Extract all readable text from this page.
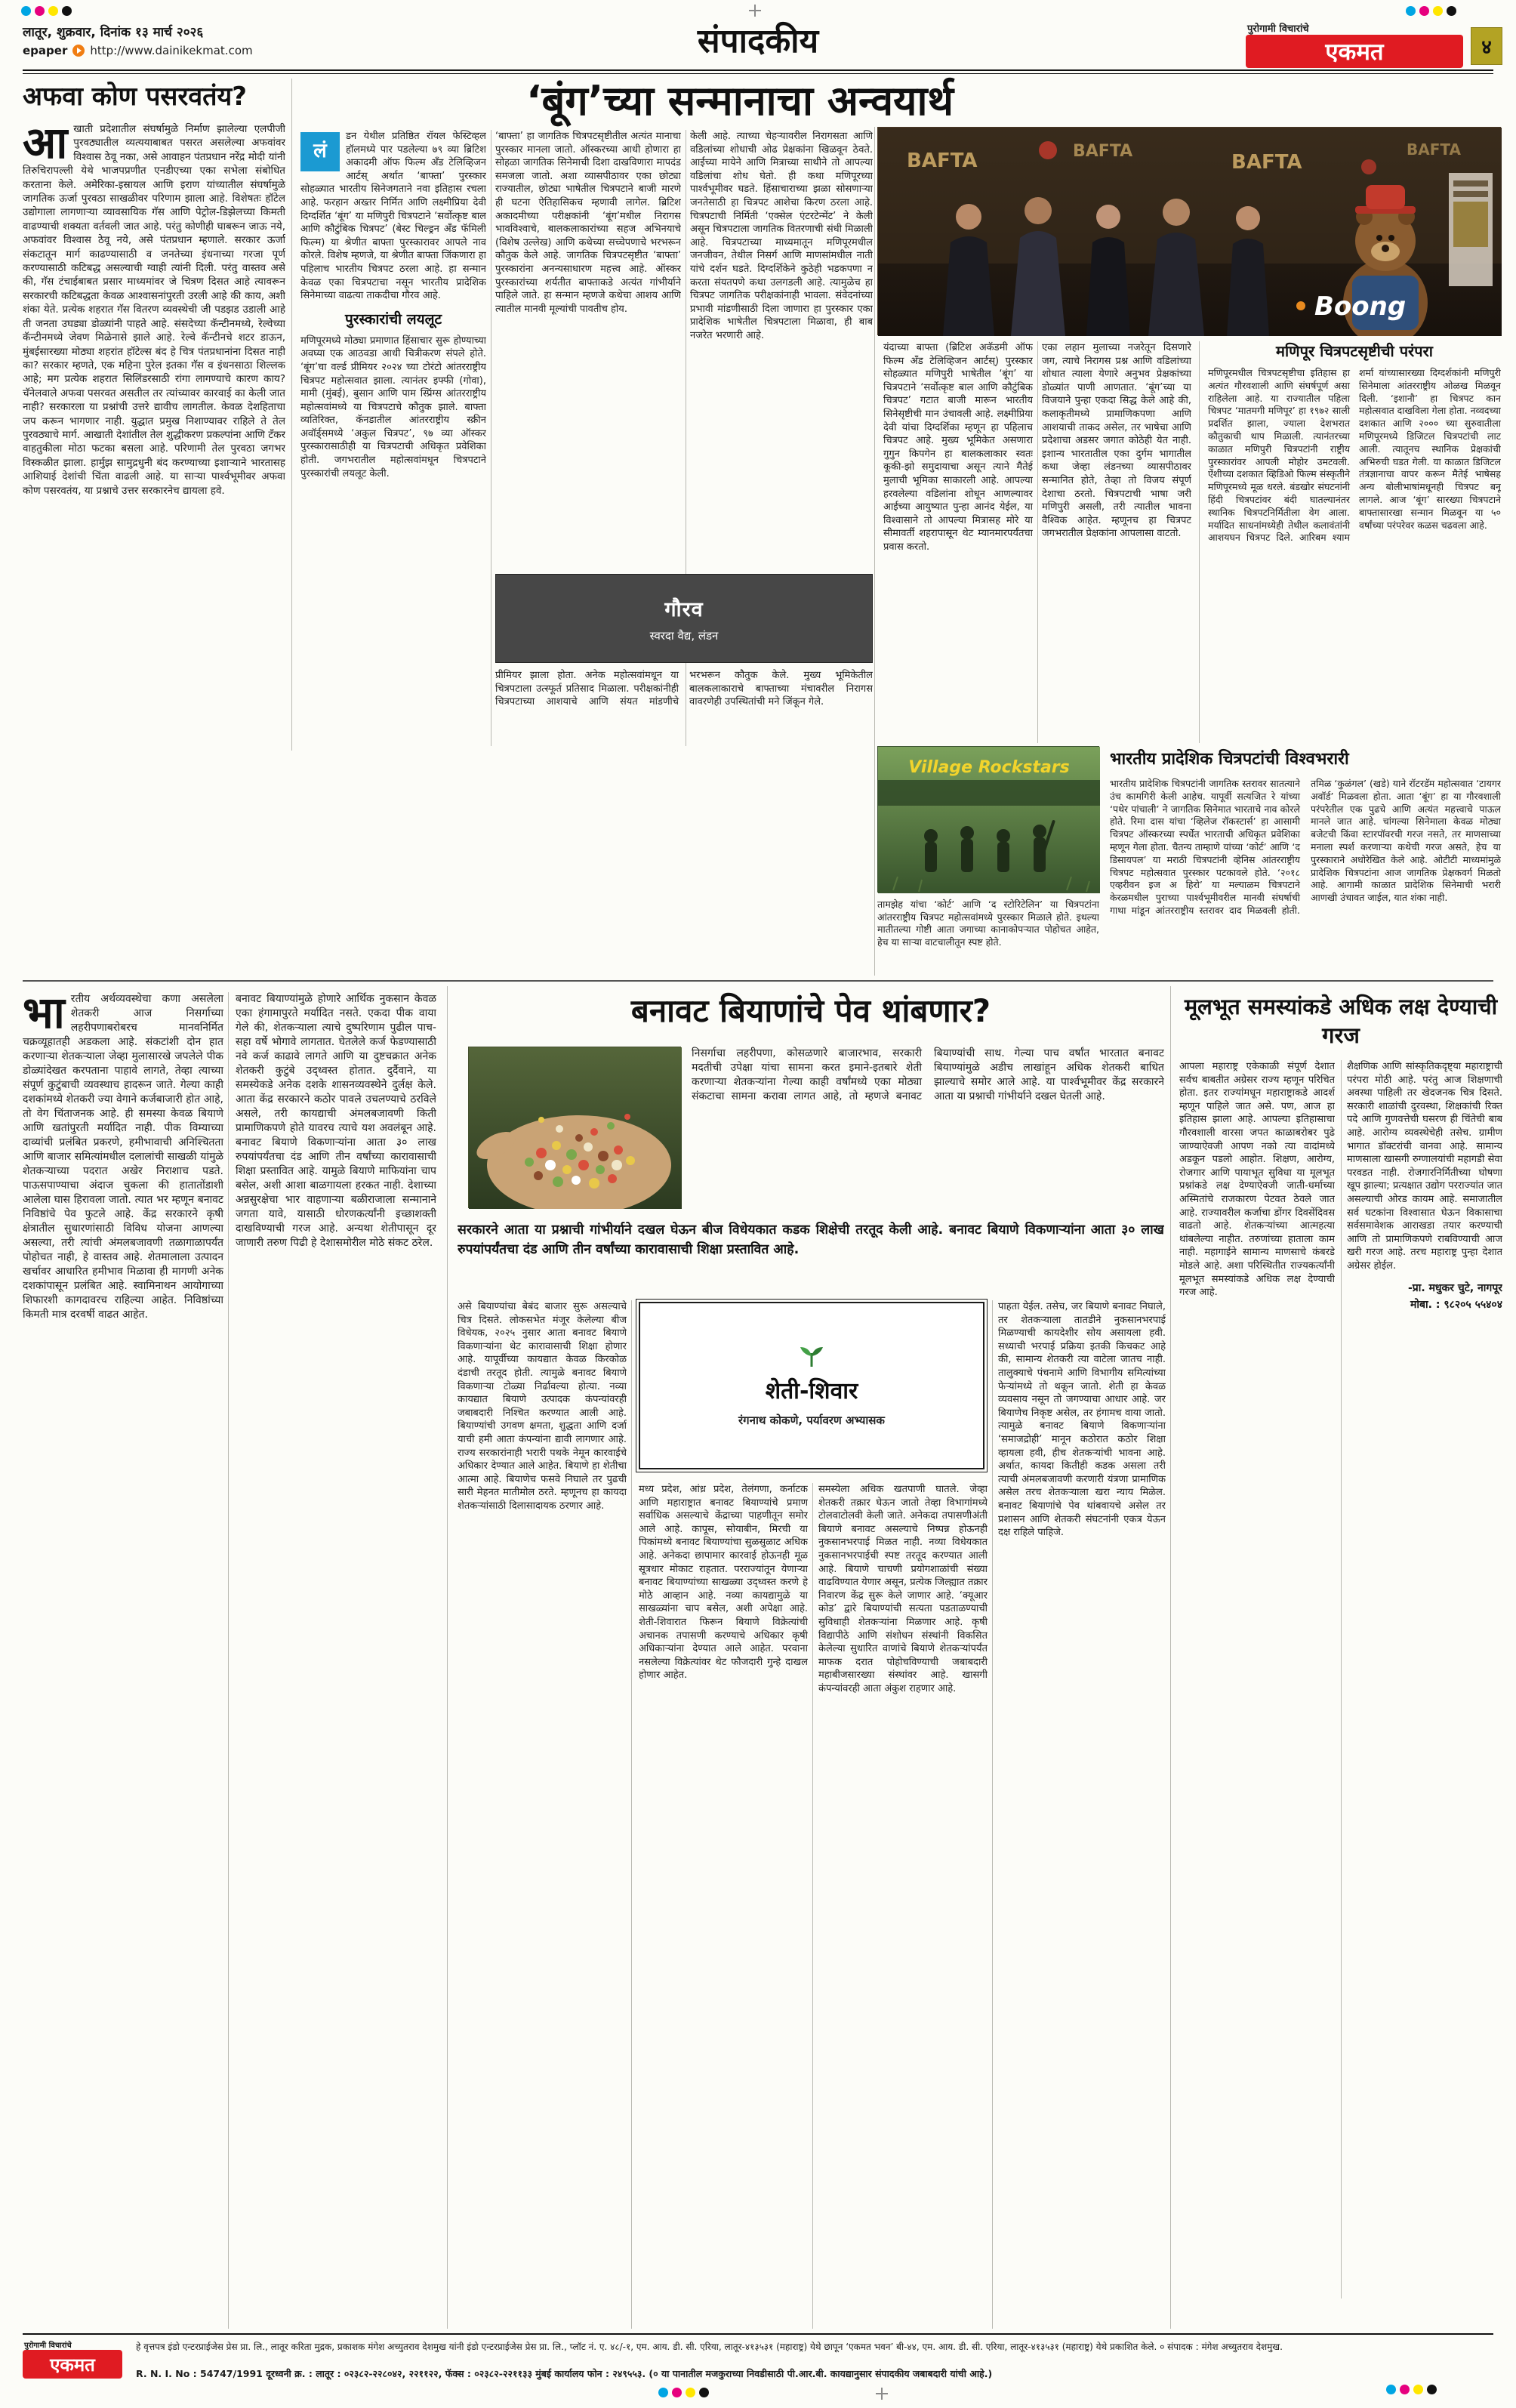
लातूर, शुक्रवार, दिनांक १३ मार्च २०२६
epaper http://www.dainikekmat.com	संपादकीय	पुरोगामी विचारांचे
एकमत	४
अफवा कोण पसरवतंय?
आखाती प्रदेशातील संघर्षामुळे निर्माण झालेल्या एलपीजी पुरवठ्यातील व्यत्ययाबाबत पसरत असलेल्या अफवांवर विश्वास ठेवू नका, असे आवाहन पंतप्रधान नरेंद्र मोदी यांनी तिरुचिरापल्ली येथे भाजपप्रणीत एनडीएच्या एका सभेला संबोधित करताना केले. अमेरिका-इस्रायल आणि इराण यांच्यातील संघर्षामुळे जागतिक ऊर्जा पुरवठा साखळीवर परिणाम झाला आहे. विशेषतः हॉटेल उद्योगाला लागणाऱ्या व्यावसायिक गॅस आणि पेट्रोल-डिझेलच्या किमती वाढण्याची शक्यता वर्तवली जात आहे. परंतु कोणीही घाबरून जाऊ नये, अफवांवर विश्वास ठेवू नये, असे पंतप्रधान म्हणाले. सरकार ऊर्जा संकटातून मार्ग काढण्यासाठी व जनतेच्या इंधनाच्या गरजा पूर्ण करण्यासाठी कटिबद्ध असल्याची ग्वाही त्यांनी दिली. परंतु वास्तव असे की, गॅस टंचाईबाबत प्रसार माध्यमांवर जे चित्रण दिसत आहे त्यावरून सरकारची कटिबद्धता केवळ आश्वासनांपुरती उरली आहे की काय, अशी शंका येते. प्रत्येक शहरात गॅस वितरण व्यवस्थेची जी पडझड उडाली आहे ती जनता उघड्या डोळ्यांनी पाहते आहे. संसदेच्या कॅन्टीनमध्ये, रेल्वेच्या कॅन्टीनमध्ये जेवण मिळेनासे झाले आहे. रेल्वे कॅन्टीनचे शटर डाऊन, मुंबईसारख्या मोठ्या शहरांत हॉटेल्स बंद हे चित्र पंतप्रधानांना दिसत नाही का? सरकार म्हणते, एक महिना पुरेल इतका गॅस व इंधनसाठा शिल्लक आहे; मग प्रत्येक शहरात सिलिंडरसाठी रांगा लागण्याचे कारण काय? चॅनेलवाले अफवा पसरवत असतील तर त्यांच्यावर कारवाई का केली जात नाही? सरकारला या प्रश्नांची उत्तरे द्यावीच लागतील. केवळ देशहिताचा जप करून भागणार नाही. युद्धात प्रमुख निशाण्यावर राहिले ते तेल पुरवठ्याचे मार्ग. आखाती देशांतील तेल शुद्धीकरण प्रकल्पांना आणि टँकर वाहतुकीला मोठा फटका बसला आहे. परिणामी तेल पुरवठा जगभर विस्कळीत झाला. हार्मुझ सामुद्रधुनी बंद करण्याच्या इशाऱ्याने भारतासह आशियाई देशांची चिंता वाढली आहे. या साऱ्या पार्श्वभूमीवर अफवा कोण पसरवतंय, या प्रश्नाचे उत्तर सरकारनेच द्यायला हवे.
‘बूंग’च्या सन्मानाचा अन्वयार्थ
BAFTA	BAFTA	BAFTA
BAFTA
Boong
लं
डन येथील प्रतिष्ठित रॉयल फेस्टिव्हल हॉलमध्ये पार पडलेल्या ७९ व्या ब्रिटिश अकादमी ऑफ फिल्म अँड टेलिव्हिजन आर्टस् अर्थात ‘बाफ्ता’ पुरस्कार सोहळ्यात भारतीय सिनेजगताने नवा इतिहास रचला आहे. फरहान अख्तर निर्मित आणि लक्ष्मीप्रिया देवी दिग्दर्शित ‘बूंग’ या मणिपुरी चित्रपटाने ‘सर्वोत्कृष्ट बाल आणि कौटुंबिक चित्रपट’ (बेस्ट चिल्ड्रन अँड फॅमिली फिल्म) या श्रेणीत बाफ्ता पुरस्कारावर आपले नाव कोरले. विशेष म्हणजे, या श्रेणीत बाफ्ता जिंकणारा हा पहिलाच भारतीय चित्रपट ठरला आहे. हा सन्मान केवळ एका चित्रपटाचा नसून भारतीय प्रादेशिक सिनेमाच्या वाढत्या ताकदीचा गौरव आहे.
पुरस्कारांची लयलूट
मणिपूरमध्ये मोठ्या प्रमाणात हिंसाचार सुरू होण्याच्या अवघ्या एक आठवडा आधी चित्रीकरण संपले होते. ‘बूंग’चा वर्ल्ड प्रीमियर २०२४ च्या टोरंटो आंतरराष्ट्रीय चित्रपट महोत्सवात झाला. त्यानंतर इफ्फी (गोवा), मामी (मुंबई), बुसान आणि पाम स्प्रिंग्स आंतरराष्ट्रीय महोत्सवांमध्ये या चित्रपटाचे कौतुक झाले. बाफ्ता व्यतिरिक्त, कॅनडातील आंतरराष्ट्रीय स्क्रीन अवॉर्ड्समध्ये ‘अकुल चित्रपट’, ९७ व्या ऑस्कर पुरस्कारासाठीही या चित्रपटाची अधिकृत प्रवेशिका होती. जगभरातील महोत्सवांमधून चित्रपटाने पुरस्कारांची लयलूट केली.
‘बाफ्ता’ हा जागतिक चित्रपटसृष्टीतील अत्यंत मानाचा पुरस्कार मानला जातो. ऑस्करच्या आधी होणारा हा सोहळा जागतिक सिनेमाची दिशा दाखविणारा मापदंड समजला जातो. अशा व्यासपीठावर एका छोट्या राज्यातील, छोट्या भाषेतील चित्रपटाने बाजी मारणे ही घटना ऐतिहासिकच म्हणावी लागेल. ब्रिटिश अकादमीच्या परीक्षकांनी ‘बूंग’मधील निरागस भावविश्वाचे, बालकलाकारांच्या सहज अभिनयाचे (विशेष उल्लेख) आणि कथेच्या सच्चेपणाचे भरभरून कौतुक केले आहे. जागतिक चित्रपटसृष्टीत ‘बाफ्ता’ पुरस्कारांना अनन्यसाधारण महत्त्व आहे. ऑस्कर पुरस्कारांच्या शर्यतीत बाफ्ताकडे अत्यंत गांभीर्याने पाहिले जाते. हा सन्मान म्हणजे कथेचा आशय आणि त्यातील मानवी मूल्यांची पावतीच होय.
केली आहे. त्याच्या चेहऱ्यावरील निरागसता आणि वडिलांच्या शोधाची ओढ प्रेक्षकांना खिळवून ठेवते. आईच्या मायेने आणि मित्राच्या साथीने तो आपल्या वडिलांचा शोध घेतो. ही कथा मणिपूरच्या पार्श्वभूमीवर घडते. हिंसाचाराच्या झळा सोसणाऱ्या जनतेसाठी हा चित्रपट आशेचा किरण ठरला आहे. चित्रपटाची निर्मिती ‘एक्सेल एंटरटेन्मेंट’ ने केली असून चित्रपटाला जागतिक वितरणाची संधी मिळाली आहे. चित्रपटाच्या माध्यमातून मणिपूरमधील जनजीवन, तेथील निसर्ग आणि माणसांमधील नाती यांचे दर्शन घडते. दिग्दर्शिकेने कुठेही भडकपणा न करता संयतपणे कथा उलगडली आहे. त्यामुळेच हा चित्रपट जागतिक परीक्षकांनाही भावला. संवेदनांच्या प्रभावी मांडणीसाठी दिला जाणारा हा पुरस्कार एका प्रादेशिक भाषेतील चित्रपटाला मिळावा, ही बाब नजरेत भरणारी आहे.
गौरव
स्वरदा वैद्य, लंडन
प्रीमियर झाला होता. अनेक महोत्सवांमधून या चित्रपटाला उत्स्फूर्त प्रतिसाद मिळाला. परीक्षकांनीही चित्रपटाच्या आशयाचे आणि संयत मांडणीचे भरभरून कौतुक केले. मुख्य भूमिकेतील बालकलाकाराचे बाफ्ताच्या मंचावरील निरागस वावरणेही उपस्थितांची मने जिंकून गेले.
यंदाच्या बाफ्ता (ब्रिटिश अकॅडमी ऑफ फिल्म अँड टेलिव्हिजन आर्टस्) पुरस्कार सोहळ्यात मणिपुरी भाषेतील ‘बूंग’ या चित्रपटाने ‘सर्वोत्कृष्ट बाल आणि कौटुंबिक चित्रपट’ गटात बाजी मारून भारतीय सिनेसृष्टीची मान उंचावली आहे. लक्ष्मीप्रिया देवी यांचा दिग्दर्शिका म्हणून हा पहिलाच चित्रपट आहे. मुख्य भूमिकेत असणारा गुगुन किपगेन हा बालकलाकार स्वतः कूकी-झो समुदायाचा असून त्याने मैतेई मुलाची भूमिका साकारली आहे. आपल्या हरवलेल्या वडिलांना शोधून आणल्यावर आईच्या आयुष्यात पुन्हा आनंद येईल, या विश्वासाने तो आपल्या मित्रासह मोरे या सीमावर्ती शहरापासून थेट म्यानमारपर्यंतचा प्रवास करतो.
एका लहान मुलाच्या नजरेतून दिसणारे जग, त्याचे निरागस प्रश्न आणि वडिलांच्या शोधात त्याला येणारे अनुभव प्रेक्षकांच्या डोळ्यांत पाणी आणतात. ‘बूंग’च्या या विजयाने पुन्हा एकदा सिद्ध केले आहे की, कलाकृतीमध्ये प्रामाणिकपणा आणि आशयाची ताकद असेल, तर भाषेचा आणि प्रदेशाचा अडसर जगात कोठेही येत नाही. इशान्य भारतातील एका दुर्गम भागातील कथा जेव्हा लंडनच्या व्यासपीठावर सन्मानित होते, तेव्हा तो विजय संपूर्ण देशाचा ठरतो. चित्रपटाची भाषा जरी मणिपुरी असली, तरी त्यातील भावना वैश्विक आहेत. म्हणूनच हा चित्रपट जगभरातील प्रेक्षकांना आपलासा वाटतो.
मणिपूर चित्रपटसृष्टीची परंपरा
मणिपूरमधील चित्रपटसृष्टीचा इतिहास हा अत्यंत गौरवशाली आणि संघर्षपूर्ण असा राहिलेला आहे. या राज्यातील पहिला चित्रपट ‘मातमगी मणिपूर’ हा १९७२ साली प्रदर्शित झाला, ज्याला देशभरात कौतुकाची थाप मिळाली. त्यानंतरच्या काळात मणिपुरी चित्रपटांनी राष्ट्रीय पुरस्कारांवर आपली मोहोर उमटवली. ऐंशीच्या दशकात व्हिडिओ फिल्म संस्कृतीने मणिपूरमध्ये मूळ धरले. बंडखोर संघटनांनी हिंदी चित्रपटांवर बंदी घातल्यानंतर स्थानिक चित्रपटनिर्मितीला वेग आला. मर्यादित साधनांमध्येही तेथील कलावंतांनी आशयघन चित्रपट दिले. आरिबम श्याम शर्मा यांच्यासारख्या दिग्दर्शकांनी मणिपुरी सिनेमाला आंतरराष्ट्रीय ओळख मिळवून दिली. ‘इशानौ’ हा चित्रपट कान महोत्सवात दाखविला गेला होता. नव्वदच्या दशकात आणि २००० च्या सुरुवातीला मणिपूरमध्ये डिजिटल चित्रपटांची लाट आली. त्यातूनच स्थानिक प्रेक्षकांची अभिरुची घडत गेली. या काळात डिजिटल तंत्रज्ञानाचा वापर करून मैतेई भाषेसह अन्य बोलीभाषांमधूनही चित्रपट बनू लागले. आज ‘बूंग’ सारख्या चित्रपटाने बाफ्तासारखा सन्मान मिळवून या ५० वर्षांच्या परंपरेवर कळस चढवला आहे.
Village Rockstars भारतीय प्रादेशिक चित्रपटांची विश्वभरारी
भारतीय प्रादेशिक चित्रपटांनी जागतिक स्तरावर सातत्याने उंच कामगिरी केली आहेच. यापूर्वी सत्यजित रे यांच्या ‘पथेर पांचाली’ ने जागतिक सिनेमात भारताचे नाव कोरले होते. रिमा दास यांचा ‘व्हिलेज रॉकस्टार्स’ हा आसामी चित्रपट ऑस्करच्या स्पर्धेत भारताची अधिकृत प्रवेशिका म्हणून गेला होता. चैतन्य ताम्हाणे यांच्या ‘कोर्ट’ आणि ‘द डिसायपल’ या मराठी चित्रपटांनी व्हेनिस आंतरराष्ट्रीय चित्रपट महोत्सवात पुरस्कार पटकावले होते. ‘२०१८ एव्हरीवन इज अ हिरो’ या मल्याळम चित्रपटाने केरळमधील पुराच्या पार्श्वभूमीवरील मानवी संघर्षाची गाथा मांडून आंतरराष्ट्रीय स्तरावर दाद मिळवली होती. तमिळ ‘कुळंगल’ (खडे) याने रॉटरडॅम महोत्सवात ‘टायगर अवॉर्ड’ मिळवला होता. आता ‘बूंग’ हा या गौरवशाली परंपरेतील एक पुढचे आणि अत्यंत महत्त्वाचे पाऊल मानले जात आहे. चांगल्या सिनेमाला केवळ मोठ्या बजेटची किंवा स्टारपॉवरची गरज नसते, तर माणसाच्या मनाला स्पर्श करणाऱ्या कथेची गरज असते, हेच या पुरस्काराने अधोरेखित केले आहे. ओटीटी माध्यमांमुळे प्रादेशिक चित्रपटांना आज जागतिक प्रेक्षकवर्ग मिळतो आहे. आगामी काळात प्रादेशिक सिनेमाची भरारी आणखी उंचावत जाईल, यात शंका नाही.
तामझेह यांचा ‘कोर्ट’ आणि ‘द स्टोरिटेलिन’ या चित्रपटांना आंतरराष्ट्रीय चित्रपट महोत्सवांमध्ये पुरस्कार मिळाले होते. इथल्या मातीतल्या गोष्टी आता जगाच्या कानाकोपऱ्यात पोहोचत आहेत, हेच या साऱ्या वाटचालीतून स्पष्ट होते.
भारतीय अर्थव्यवस्थेचा कणा असलेला शेतकरी आज निसर्गाच्या लहरीपणाबरोबरच मानवनिर्मित चक्रव्यूहातही अडकला आहे. संकटांशी दोन हात करणाऱ्या शेतकऱ्याला जेव्हा मुलासारखे जपलेले पीक डोळ्यांदेखत करपताना पाहावे लागते, तेव्हा त्याच्या संपूर्ण कुटुंबाची व्यवस्थाच हादरून जाते. गेल्या काही दशकांमध्ये शेतकरी ज्या वेगाने कर्जबाजारी होत आहे, तो वेग चिंताजनक आहे. ही समस्या केवळ बियाणे आणि खतांपुरती मर्यादित नाही. पीक विम्याच्या दाव्यांची प्रलंबित प्रकरणे, हमीभावाची अनिश्चितता आणि बाजार समित्यांमधील दलालांची साखळी यांमुळे शेतकऱ्याच्या पदरात अखेर निराशाच पडते. पाऊसपाण्याचा अंदाज चुकला की हातातोंडाशी आलेला घास हिरावला जातो. त्यात भर म्हणून बनावट निविष्ठांचे पेव फुटले आहे. केंद्र सरकारने कृषी क्षेत्रातील सुधारणांसाठी विविध योजना आणल्या असल्या, तरी त्यांची अंमलबजावणी तळागाळापर्यंत पोहोचत नाही, हे वास्तव आहे. शेतमालाला उत्पादन खर्चावर आधारित हमीभाव मिळावा ही मागणी अनेक दशकांपासून प्रलंबित आहे. स्वामिनाथन आयोगाच्या शिफारशी कागदावरच राहिल्या आहेत. निविष्ठांच्या किमती मात्र दरवर्षी वाढत आहेत.
बनावट बियाण्यांमुळे होणारे आर्थिक नुकसान केवळ एका हंगामापुरते मर्यादित नसते. एकदा पीक वाया गेले की, शेतकऱ्याला त्याचे दुष्परिणाम पुढील पाच-सहा वर्षे भोगावे लागतात. घेतलेले कर्ज फेडण्यासाठी नवे कर्ज काढावे लागते आणि या दुष्टचक्रात अनेक शेतकरी कुटुंबे उद्ध्वस्त होतात. दुर्दैवाने, या समस्येकडे अनेक दशके शासनव्यवस्थेने दुर्लक्ष केले. आता केंद्र सरकारने कठोर पावले उचलण्याचे ठरविले असले, तरी कायद्याची अंमलबजावणी किती प्रामाणिकपणे होते यावरच त्याचे यश अवलंबून आहे. बनावट बियाणे विकणाऱ्यांना आता ३० लाख रुपयांपर्यंतचा दंड आणि तीन वर्षांच्या कारावासाची शिक्षा प्रस्तावित आहे. यामुळे बियाणे माफियांना चाप बसेल, अशी आशा बाळगायला हरकत नाही. देशाच्या अन्नसुरक्षेचा भार वाहणाऱ्या बळीराजाला सन्मानाने जगता यावे, यासाठी धोरणकर्त्यांनी इच्छाशक्ती दाखविण्याची गरज आहे. अन्यथा शेतीपासून दूर जाणारी तरुण पिढी हे देशासमोरील मोठे संकट ठरेल.
बनावट बियाणांचे पेव थांबणार?
निसर्गाचा लहरीपणा, कोसळणारे बाजारभाव, सरकारी मदतीची उपेक्षा यांचा सामना करत इमाने-इतबारे शेती करणाऱ्या शेतकऱ्यांना गेल्या काही वर्षांमध्ये एका मोठ्या संकटाचा सामना करावा लागत आहे, तो म्हणजे बनावट बियाण्यांची साथ. गेल्या पाच वर्षांत भारतात बनावट बियाण्यांमुळे अडीच लाखांहून अधिक शेतकरी बाधित झाल्याचे समोर आले आहे. या पार्श्वभूमीवर केंद्र सरकारने आता या प्रश्नाची गांभीर्याने दखल घेतली आहे.
सरकारने आता या प्रश्नाची गांभीर्याने दखल घेऊन बीज विधेयकात कडक शिक्षेची तरतूद केली आहे. बनावट बियाणे विकणाऱ्यांना आता ३० लाख रुपयांपर्यंतचा दंड आणि तीन वर्षांच्या कारावासाची शिक्षा प्रस्तावित आहे.
असे बियाण्यांचा बेबंद बाजार सुरू असल्याचे चित्र दिसते. लोकसभेत मंजूर केलेल्या बीज विधेयक, २०२५ नुसार आता बनावट बियाणे विकणाऱ्यांना थेट कारावासाची शिक्षा होणार आहे. यापूर्वीच्या कायद्यात केवळ किरकोळ दंडाची तरतूद होती. त्यामुळे बनावट बियाणे विकणाऱ्या टोळ्या निर्ढावल्या होत्या. नव्या कायद्यात बियाणे उत्पादक कंपन्यांवरही जबाबदारी निश्चित करण्यात आली आहे. बियाण्यांची उगवण क्षमता, शुद्धता आणि दर्जा याची हमी आता कंपन्यांना द्यावी लागणार आहे. राज्य सरकारांनाही भरारी पथके नेमून कारवाईचे अधिकार देण्यात आले आहेत. बियाणे हा शेतीचा आत्मा आहे. बियाणेच फसवे निघाले तर पुढची सारी मेहनत मातीमोल ठरते. म्हणूनच हा कायदा शेतकऱ्यांसाठी दिलासादायक ठरणार आहे.
शेती-शिवार
रंगनाथ कोकणे, पर्यावरण अभ्यासक
मध्य प्रदेश, आंध्र प्रदेश, तेलंगणा, कर्नाटक आणि महाराष्ट्रात बनावट बियाण्यांचे प्रमाण सर्वाधिक असल्याचे केंद्राच्या पाहणीतून समोर आले आहे. कापूस, सोयाबीन, मिरची या पिकांमध्ये बनावट बियाण्यांचा सुळसुळाट अधिक आहे. अनेकदा छापामार कारवाई होऊनही मूळ सूत्रधार मोकाट राहतात. परराज्यांतून येणाऱ्या बनावट बियाण्यांच्या साखळ्या उद्ध्वस्त करणे हे मोठे आव्हान आहे. नव्या कायद्यामुळे या साखळ्यांना चाप बसेल, अशी अपेक्षा आहे. शेती-शिवारात फिरून बियाणे विक्रेत्यांची अचानक तपासणी करण्याचे अधिकार कृषी अधिकाऱ्यांना देण्यात आले आहेत. परवाना नसलेल्या विक्रेत्यांवर थेट फौजदारी गुन्हे दाखल होणार आहेत.
समस्येला अधिक खतपाणी घातले. जेव्हा शेतकरी तक्रार घेऊन जातो तेव्हा विभागांमध्ये टोलवाटोलवी केली जाते. अनेकदा तपासणीअंती बियाणे बनावट असल्याचे निष्पन्न होऊनही नुकसानभरपाई मिळत नाही. नव्या विधेयकात नुकसानभरपाईची स्पष्ट तरतूद करण्यात आली आहे. बियाणे चाचणी प्रयोगशाळांची संख्या वाढविण्यात येणार असून, प्रत्येक जिल्ह्यात तक्रार निवारण केंद्र सुरू केले जाणार आहे. ‘क्यूआर कोड’ द्वारे बियाण्यांची सत्यता पडताळण्याची सुविधाही शेतकऱ्यांना मिळणार आहे. कृषी विद्यापीठे आणि संशोधन संस्थांनी विकसित केलेल्या सुधारित वाणांचे बियाणे शेतकऱ्यांपर्यंत माफक दरात पोहोचविण्याची जबाबदारी महाबीजसारख्या संस्थांवर आहे. खासगी कंपन्यांवरही आता अंकुश राहणार आहे.
पाहता येईल. तसेच, जर बियाणे बनावट निघाले, तर शेतकऱ्याला तातडीने नुकसानभरपाई मिळण्याची कायदेशीर सोय असायला हवी. सध्याची भरपाई प्रक्रिया इतकी किचकट आहे की, सामान्य शेतकरी त्या वाटेला जातच नाही. तालुक्याचे पंचनामे आणि विभागीय समित्यांच्या फेऱ्यांमध्ये तो थकून जातो. शेती हा केवळ व्यवसाय नसून तो जगण्याचा आधार आहे. जर बियाणेच निकृष्ट असेल, तर हंगामच वाया जातो. त्यामुळे बनावट बियाणे विकणाऱ्यांना ‘समाजद्रोही’ मानून कठोरात कठोर शिक्षा व्हायला हवी, हीच शेतकऱ्यांची भावना आहे. अर्थात, कायदा कितीही कडक असला तरी त्याची अंमलबजावणी करणारी यंत्रणा प्रामाणिक असेल तरच शेतकऱ्याला खरा न्याय मिळेल. बनावट बियाणांचे पेव थांबवायचे असेल तर प्रशासन आणि शेतकरी संघटनांनी एकत्र येऊन दक्ष राहिले पाहिजे.
मूलभूत समस्यांकडे अधिक लक्ष देण्याची गरज
आपला महाराष्ट्र एकेकाळी संपूर्ण देशात सर्वच बाबतीत अग्रेसर राज्य म्हणून परिचित होता. इतर राज्यांमधून महाराष्ट्राकडे आदर्श म्हणून पाहिले जात असे. पण, आज हा इतिहास झाला आहे. आपल्या इतिहासाचा गौरवशाली वारसा जपत काळाबरोबर पुढे जाण्याऐवजी आपण नको त्या वादांमध्ये अडकून पडलो आहोत. शिक्षण, आरोग्य, रोजगार आणि पायाभूत सुविधा या मूलभूत प्रश्नांकडे लक्ष देण्याऐवजी जाती-धर्माच्या अस्मितांचे राजकारण पेटवत ठेवले जात आहे. राज्यावरील कर्जाचा डोंगर दिवसेंदिवस वाढतो आहे. शेतकऱ्यांच्या आत्महत्या थांबलेल्या नाहीत. तरुणांच्या हाताला काम नाही. महागाईने सामान्य माणसाचे कंबरडे मोडले आहे. अशा परिस्थितीत राज्यकर्त्यांनी मूलभूत समस्यांकडे अधिक लक्ष देण्याची गरज आहे.
शैक्षणिक आणि सांस्कृतिकदृष्ट्या महाराष्ट्राची परंपरा मोठी आहे. परंतु आज शिक्षणाची अवस्था पाहिली तर खेदजनक चित्र दिसते. सरकारी शाळांची दुरवस्था, शिक्षकांची रिक्त पदे आणि गुणवत्तेची घसरण ही चिंतेची बाब आहे. आरोग्य व्यवस्थेचेही तसेच. ग्रामीण भागात डॉक्टरांची वानवा आहे. सामान्य माणसाला खासगी रुग्णालयांची महागडी सेवा परवडत नाही. रोजगारनिर्मितीच्या घोषणा खूप झाल्या; प्रत्यक्षात उद्योग परराज्यांत जात असल्याची ओरड कायम आहे. समाजातील सर्व घटकांना विश्वासात घेऊन विकासाचा सर्वसमावेशक आराखडा तयार करण्याची आणि तो प्रामाणिकपणे राबविण्याची आज खरी गरज आहे. तरच महाराष्ट्र पुन्हा देशात अग्रेसर होईल.
-प्रा. मधुकर चुटे, नागपूर
मोबा. : ९८२०५ ५५४०४
पुरोगामी विचारांचे
एकमत
हे वृत्तपत्र इंडो एन्टरप्राईजेस प्रेस प्रा. लि., लातूर करिता मुद्रक, प्रकाशक मंगेश अच्युतराव देशमुख यांनी इंडो एन्टरप्राईजेस प्रेस प्रा. लि., प्लॉट नं. ए. ४८/-१, एम. आय. डी. सी. एरिया, लातूर-४१३५३१ (महाराष्ट्र) येथे छापून ‘एकमत भवन’ बी-४४, एम. आय. डी. सी. एरिया, लातूर-४१३५३१ (महाराष्ट्र) येथे प्रकाशित केले. ० संपादक : मंगेश अच्युतराव देशमुख.
R. N. I. No : 54747/1991 दूरध्वनी क्र. : लातूर : ०२३८२-२२८०४२, २२११२२, फॅक्स : ०२३८२-२२११३३ मुंबई कार्यालय फोन : २४९५५३. (० या पानातील मजकुराच्या निवडीसाठी पी.आर.बी. कायद्यानुसार संपादकीय जबाबदारी यांची आहे.)
